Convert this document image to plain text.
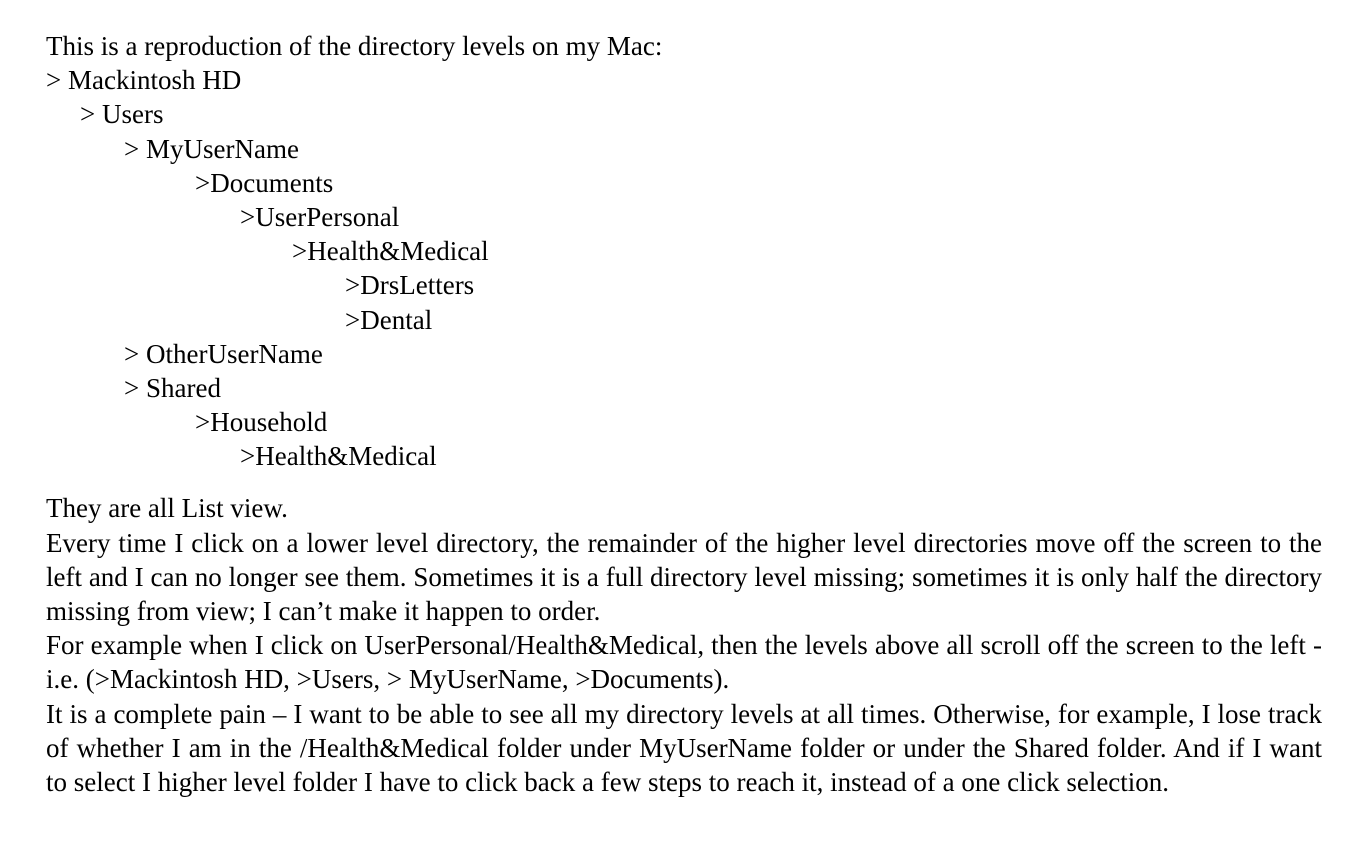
This is a reproduction of the directory levels on my Mac:
> Mackintosh HD
> Users
> MyUserName
>Documents
>UserPersonal
>Health&Medical
>DrsLetters
>Dental
> OtherUserName
> Shared
>Household
>Health&Medical

They are all List view.

Every time I click on a lower level directory, the remainder of the higher level directories move off the screen to the left and I can no longer see them. Sometimes it is a full directory level missing; sometimes it is only half the directory missing from view; I can’t make it happen to order.

For example when I click on UserPersonal/Health&Medical, then the levels above all scroll off the screen to the left - i.e. (>Mackintosh HD, >Users, > MyUserName, >Documents).

It is a complete pain – I want to be able to see all my directory levels at all times. Otherwise, for example, I lose track of whether I am in the /Health&Medical folder under MyUserName folder or under the Shared folder. And if I want to select I higher level folder I have to click back a few steps to reach it, instead of a one click selection.
